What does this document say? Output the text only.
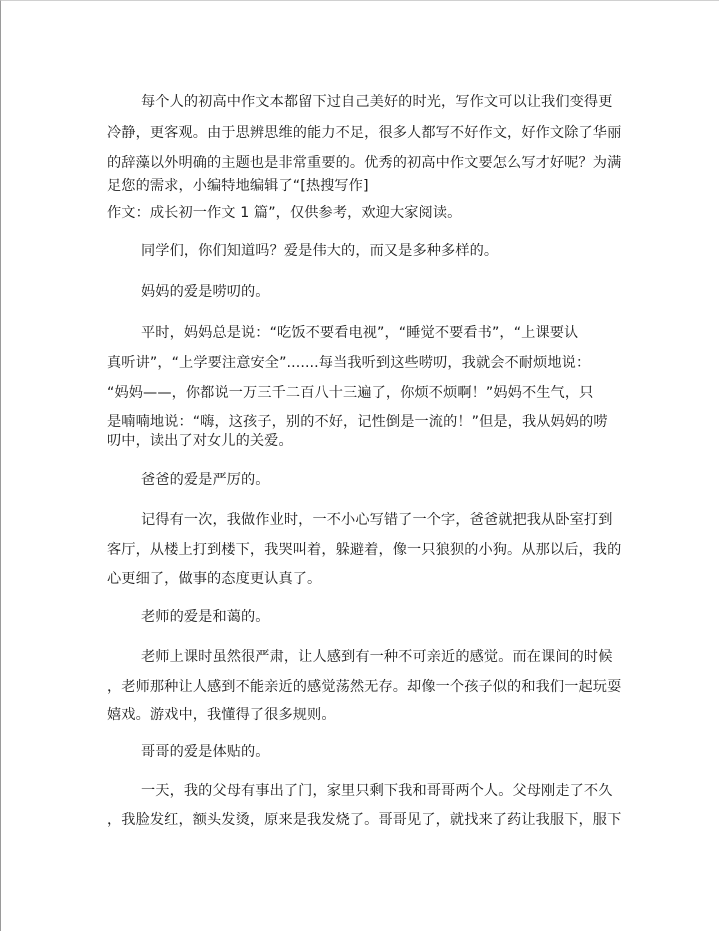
每个人的初高中作文本都留下过自己美好的时光，写作文可以让我们变得更
冷静，更客观。由于思辨思维的能力不足，很多人都写不好作文，好作文除了华丽
的辞藻以外明确的主题也是非常重要的。优秀的初高中作文要怎么写才好呢？为满
足您的需求，小编特地编辑了“[热搜写作]
作文：成长初一作文 1 篇”，仅供参考，欢迎大家阅读。
同学们，你们知道吗？爱是伟大的，而又是多种多样的。
妈妈的爱是唠叨的。
平时，妈妈总是说：“吃饭不要看电视”，“睡觉不要看书”，“上课要认
真听讲”，“上学要注意安全”.......每当我听到这些唠叨，我就会不耐烦地说：
“妈妈——，你都说一万三千二百八十三遍了，你烦不烦啊！”妈妈不生气，只
是喃喃地说：“嗨，这孩子，别的不好，记性倒是一流的！”但是，我从妈妈的唠
叨中，读出了对女儿的关爱。
爸爸的爱是严厉的。
记得有一次，我做作业时，一不小心写错了一个字，爸爸就把我从卧室打到
客厅，从楼上打到楼下，我哭叫着，躲避着，像一只狼狈的小狗。从那以后，我的
心更细了，做事的态度更认真了。
老师的爱是和蔼的。
老师上课时虽然很严肃，让人感到有一种不可亲近的感觉。而在课间的时候
，老师那种让人感到不能亲近的感觉荡然无存。却像一个孩子似的和我们一起玩耍
嬉戏。游戏中，我懂得了很多规则。
哥哥的爱是体贴的。
一天，我的父母有事出了门，家里只剩下我和哥哥两个人。父母刚走了不久
，我脸发红，额头发烫，原来是我发烧了。哥哥见了，就找来了药让我服下，服下
